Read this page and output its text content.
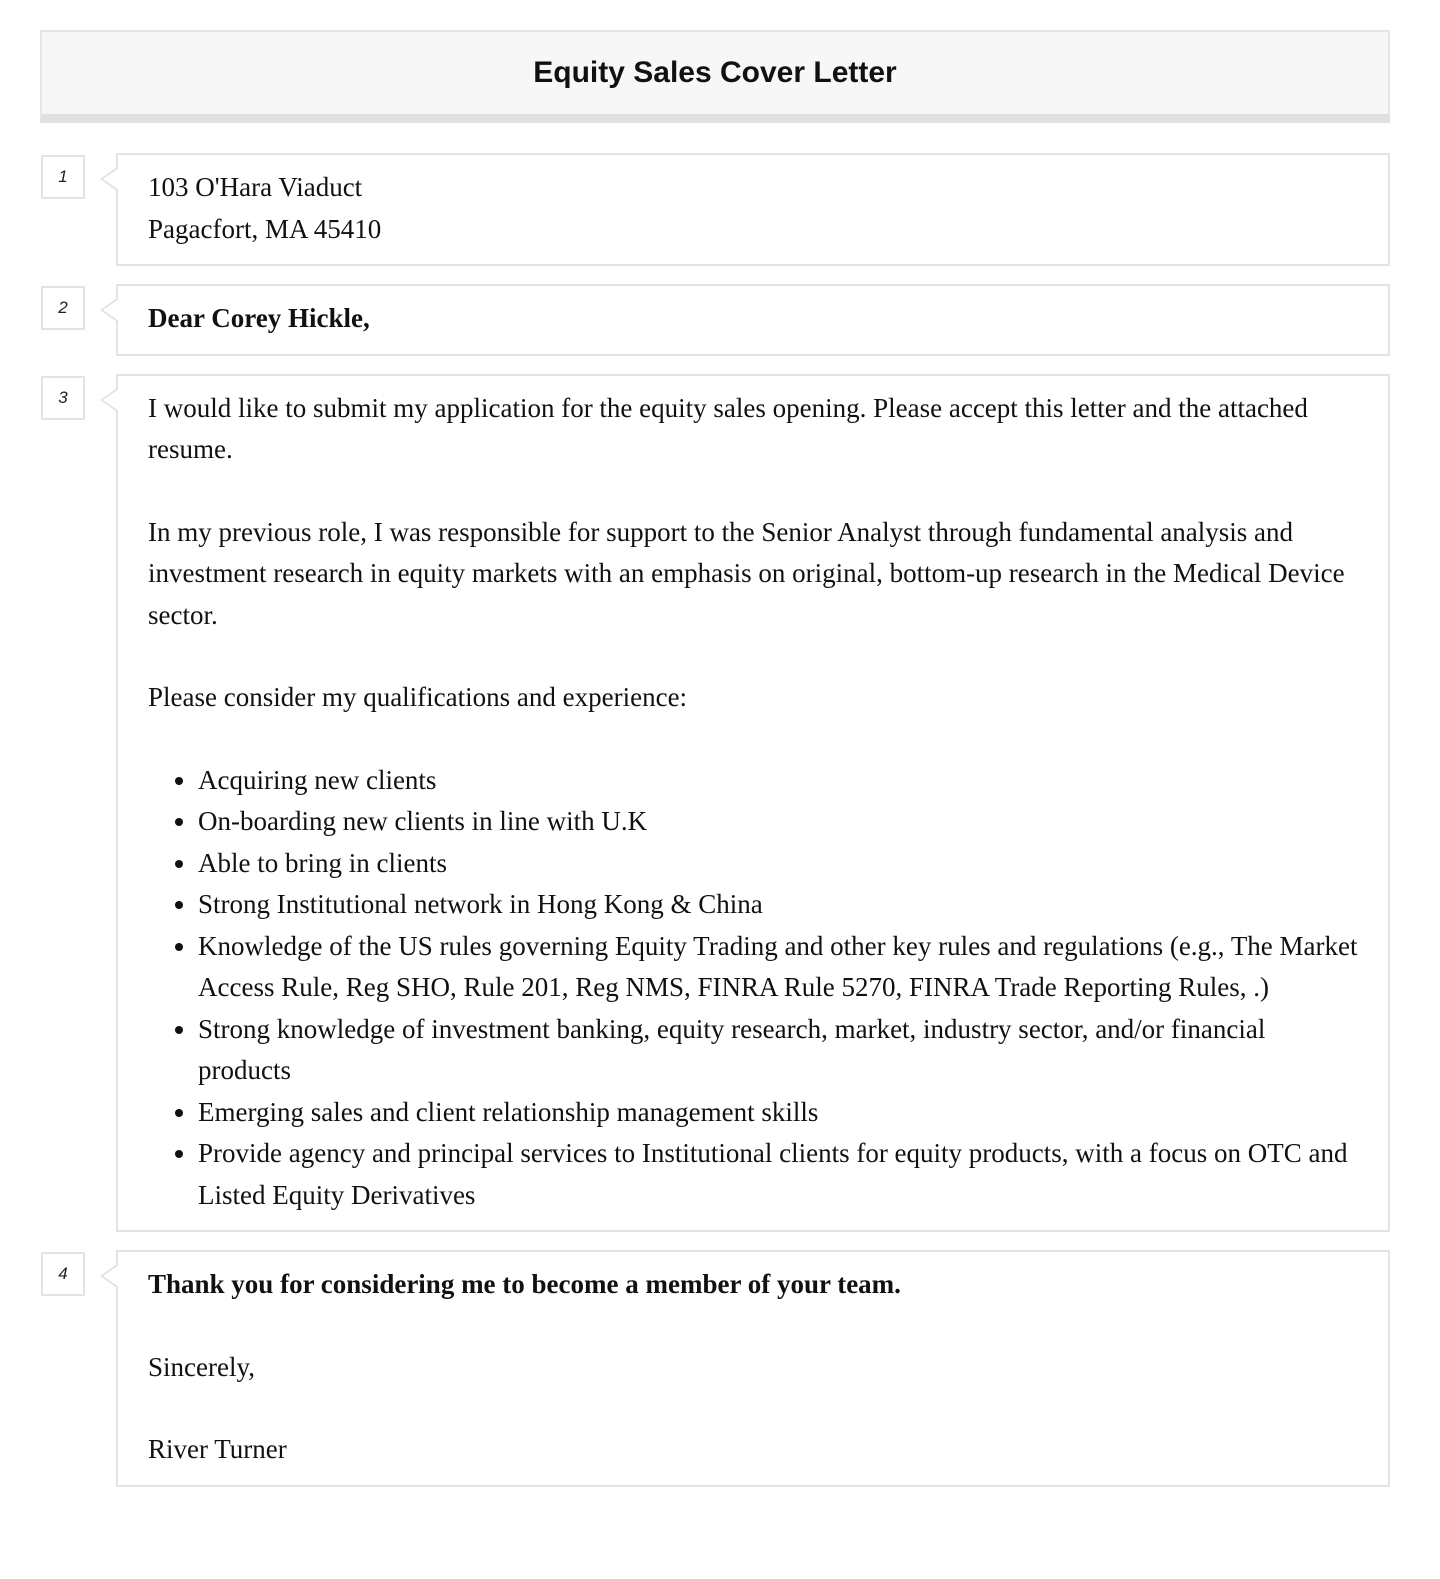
Equity Sales Cover Letter
1	103 O'Hara Viaduct

Pagacfort, MA 45410

2	Dear Corey Hickle,

3	I would like to submit my application for the equity sales opening. Please accept this letter and the attached resume.

In my previous role, I was responsible for support to the Senior Analyst through fundamental analysis and investment research in equity markets with an emphasis on original, bottom-up research in the Medical Device sector.

Please consider my qualifications and experience:

• Acquiring new clients
• On-boarding new clients in line with U.K
• Able to bring in clients
• Strong Institutional network in Hong Kong & China
• Knowledge of the US rules governing Equity Trading and other key rules and regulations (e.g., The Market Access Rule, Reg SHO, Rule 201, Reg NMS, FINRA Rule 5270, FINRA Trade Reporting Rules, .)
• Strong knowledge of investment banking, equity research, market, industry sector, and/or financial products
• Emerging sales and client relationship management skills
• Provide agency and principal services to Institutional clients for equity products, with a focus on OTC and Listed Equity Derivatives
4	Thank you for considering me to become a member of your team.

Sincerely,

River Turner
